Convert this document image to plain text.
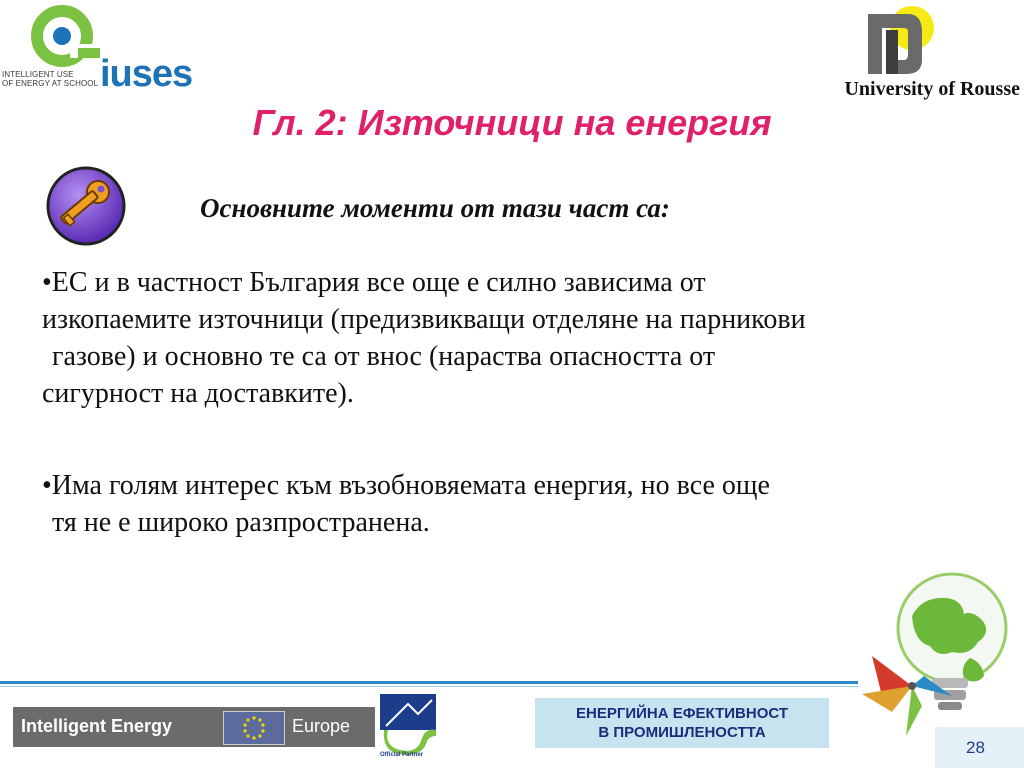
INTELLIGENT USE
OF ENERGY AT SCHOOL iuses	University of Rousse
Гл. 2: Източници на енергия
Основните моменти от тази част са:
•ЕС и в частност България все още е силно зависима от
изкопаемите източници (предизвикващи отделяне на парникови
газове) и основно те са от внос (нараства опасността от
сигурност на доставките).
•Има голям интерес към възобновяемата енергия, но все още
тя не е широко разпространена.
Intelligent Energy	Europe
Official Partner
ЕНЕРГИЙНА ЕФЕКТИВНОСТ
В ПРОМИШЛЕНОСТТА
28
